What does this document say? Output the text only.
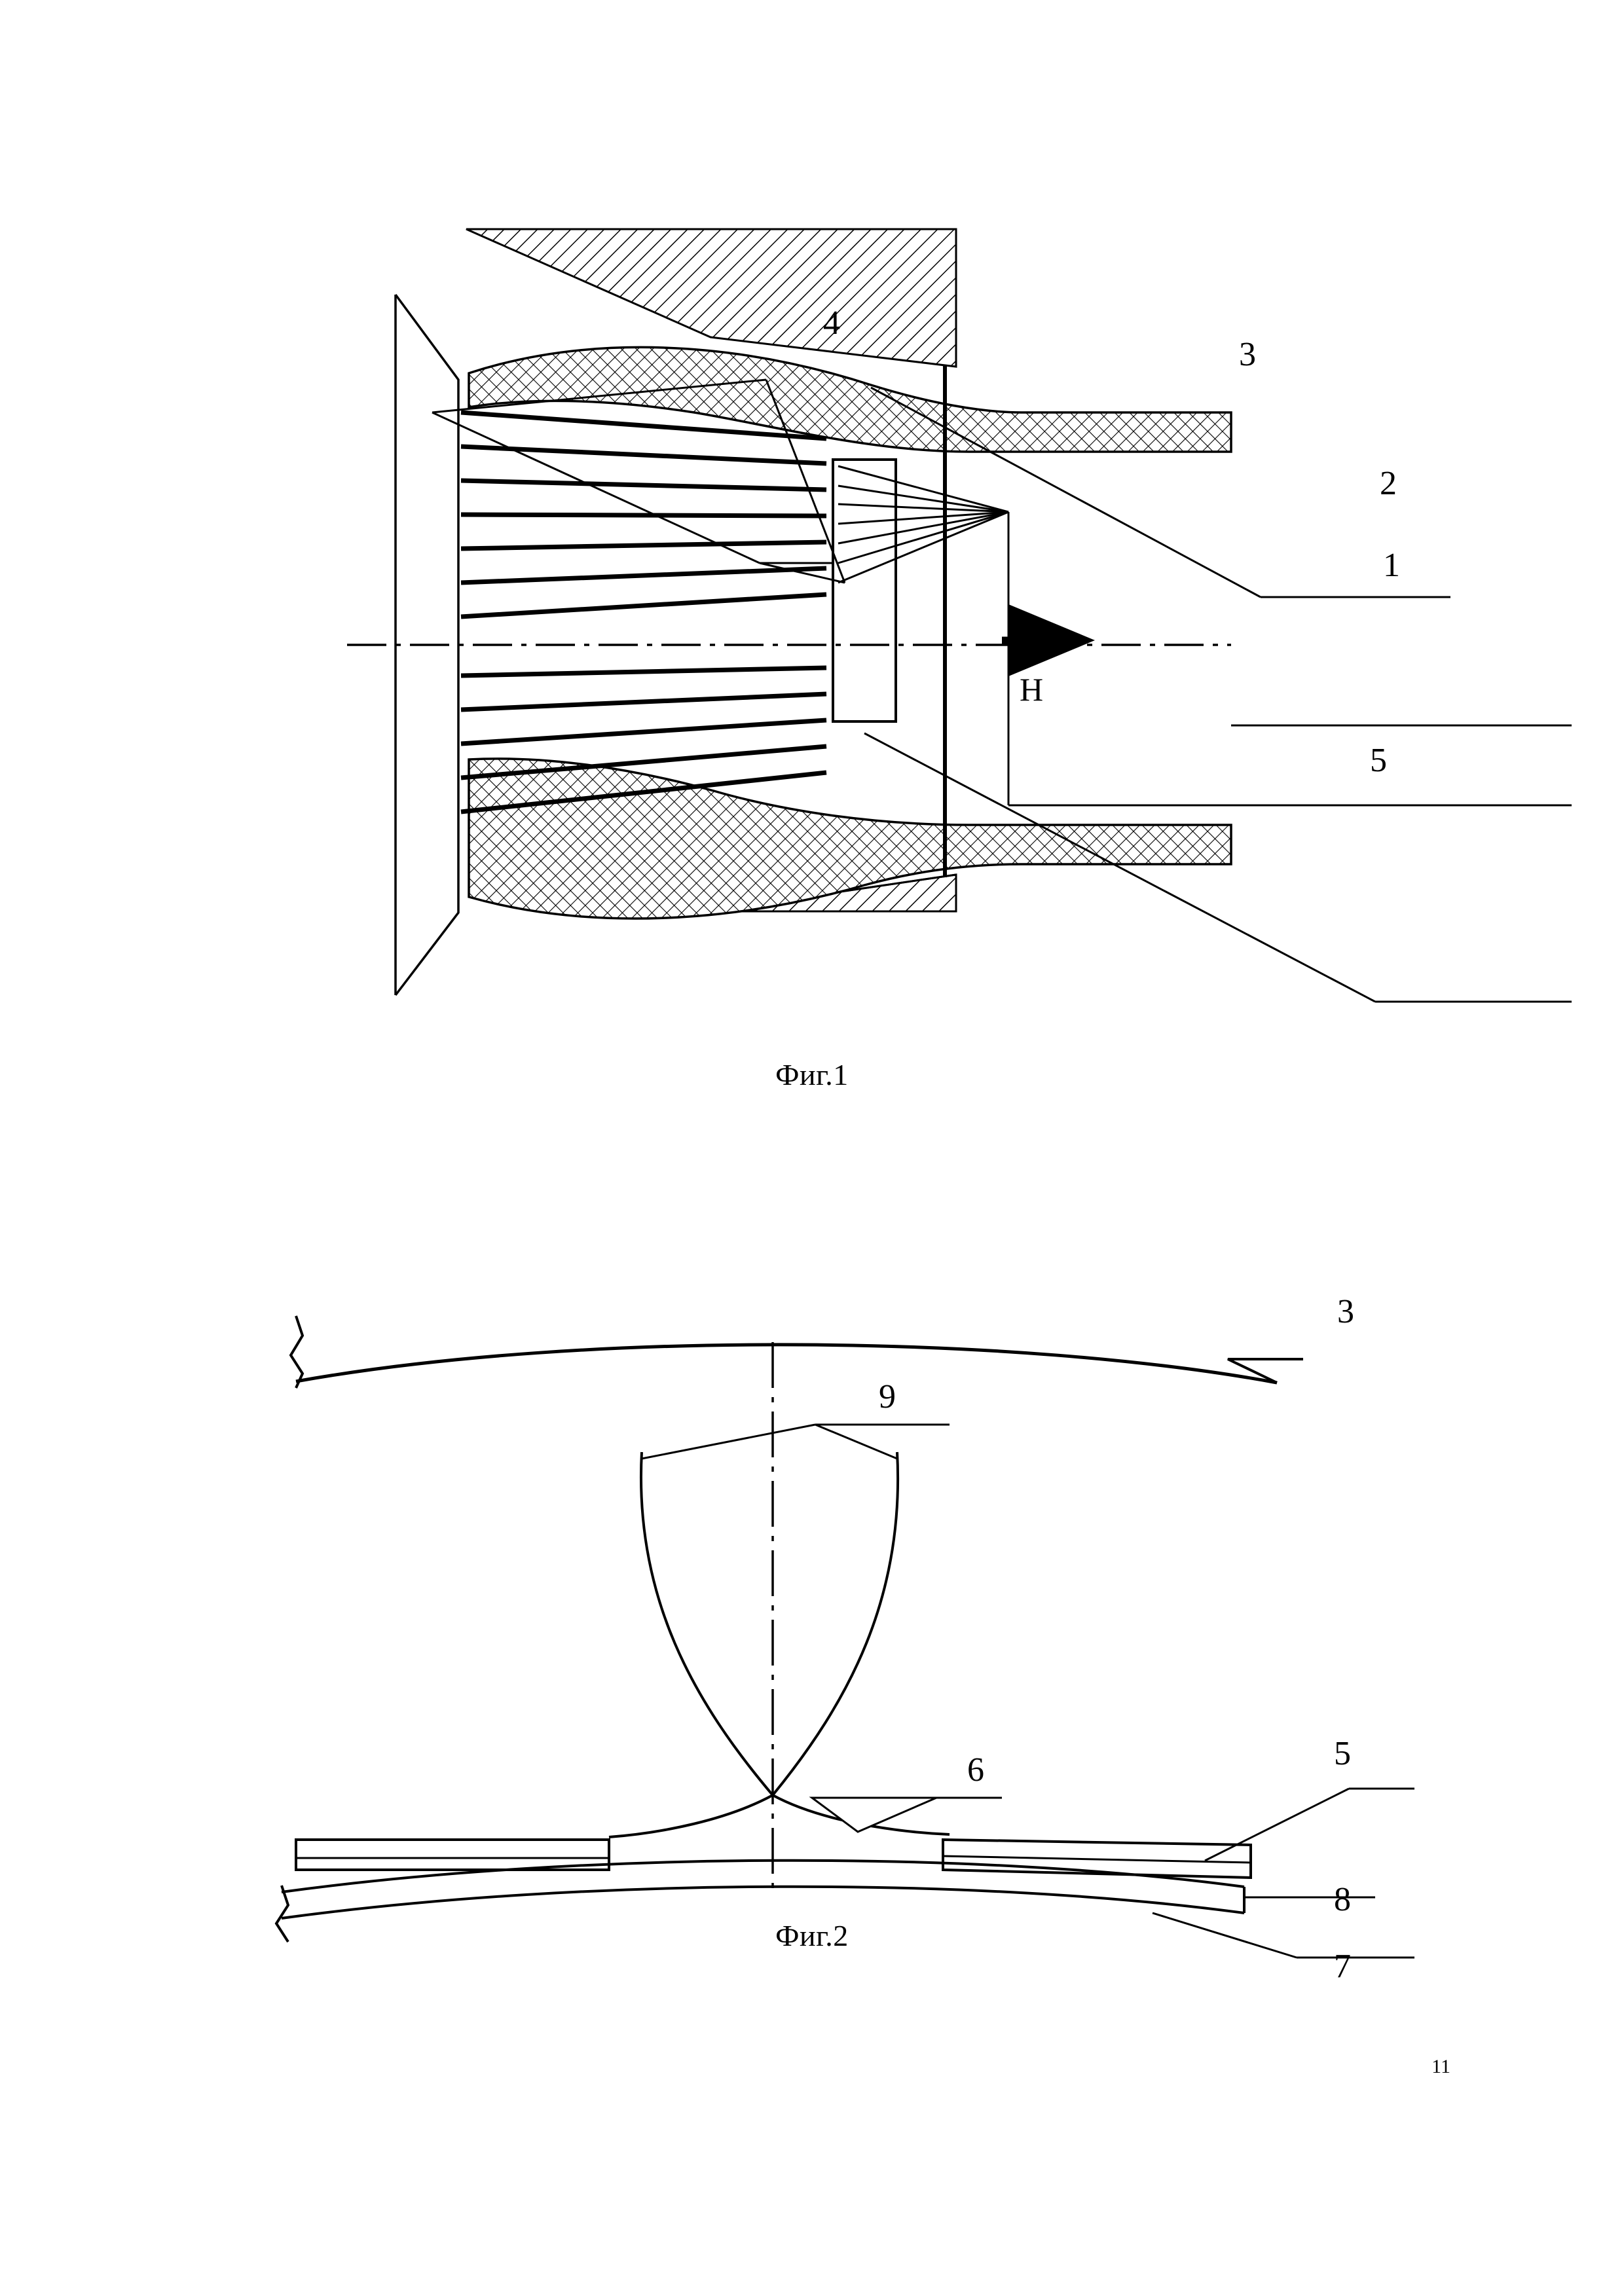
H
4
3
2
1
5
Фиг.1
3
9
6	5
8
7
Фиг.2
11
